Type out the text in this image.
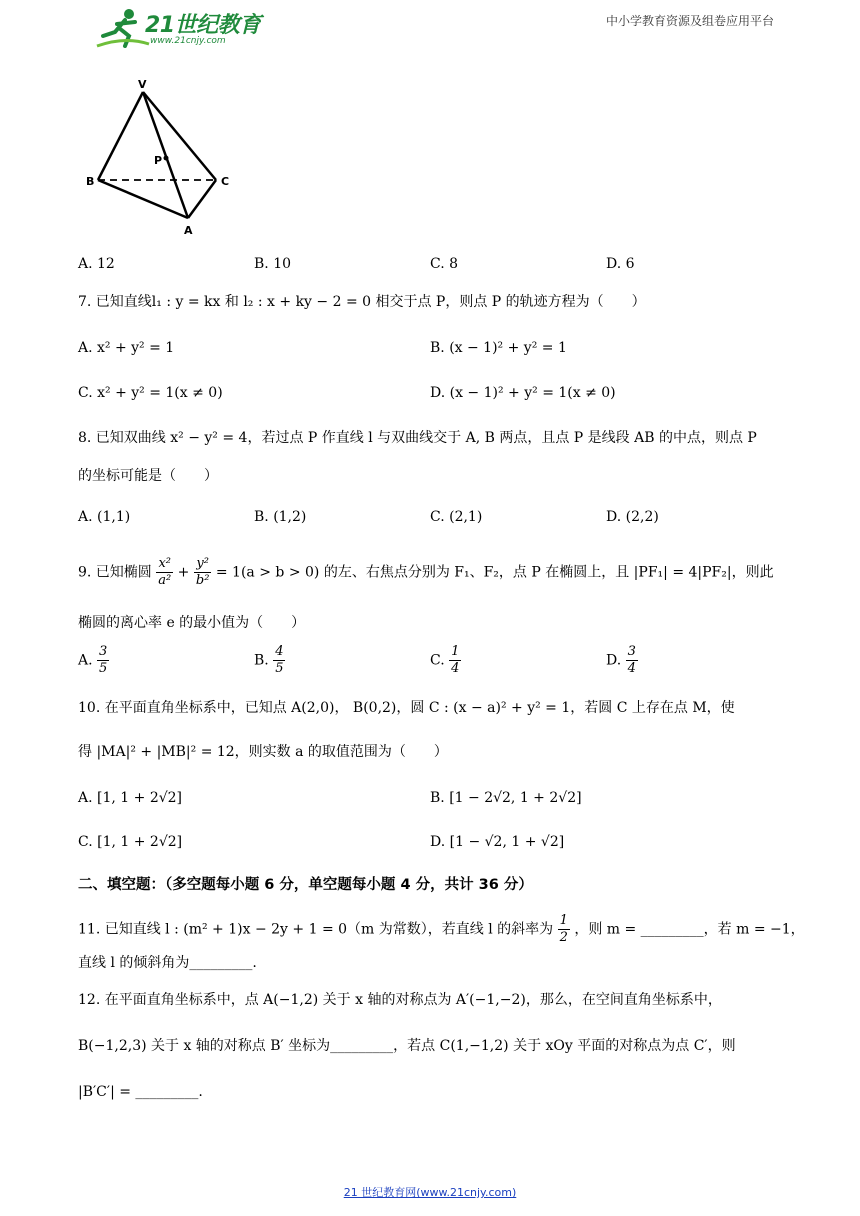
21世纪教育
www.21cnjy.com
中小学教育资源及组卷应用平台
V
P
B	C
A
A. 12	B. 10	C. 8	D. 6
7. 已知直线l₁ : y = kx 和 l₂ : x + ky − 2 = 0 相交于点 P，则点 P 的轨迹方程为（　　）
A. x² + y² = 1	B. (x − 1)² + y² = 1
C. x² + y² = 1(x ≠ 0)	D. (x − 1)² + y² = 1(x ≠ 0)
8. 已知双曲线 x² − y² = 4，若过点 P 作直线 l 与双曲线交于 A, B 两点，且点 P 是线段 AB 的中点，则点 P
的坐标可能是（　　）
A. (1,1)	B. (1,2)	C. (2,1)	D. (2,2)
9. 已知椭圆 $\frac{\text{x²}}{\text{a²}} + \frac{\text{y²}}{\text{b²}} = 1(a > b > 0)$ 的左、右焦点分别为 F₁、F₂，点 P 在椭圆上，且 |PF₁| = 4|PF₂|，则此
椭圆的离心率 e 的最小值为（　　）
A. $\frac{3}{5}$	B. $\frac{4}{5}$	C. $\frac{1}{4}$	D. $\frac{3}{4}$
10. 在平面直角坐标系中，已知点 A(2,0)， B(0,2)，圆 C : (x − a)² + y² = 1，若圆 C 上存在点 M，使
得 |MA|² + |MB|² = 12，则实数 a 的取值范围为（　　）
A. [1, 1 + 2√2]	B. [1 − 2√2, 1 + 2√2]
C. [1, 1 + 2√2]	D. [1 − √2, 1 + √2]
二、填空题：（多空题每小题 6 分，单空题每小题 4 分，共计 36 分）
11. 已知直线 l : (m² + 1)x − 2y + 1 = 0（m 为常数），若直线 l 的斜率为 $\frac{1}{2}$ ，则 m = _________，若 m = −1，
直线 l 的倾斜角为_________.
12. 在平面直角坐标系中，点 A(−1,2) 关于 x 轴的对称点为 A′(−1,−2)，那么，在空间直角坐标系中，
B(−1,2,3) 关于 x 轴的对称点 B′ 坐标为_________，若点 C(1,−1,2) 关于 xOy 平面的对称点为点 C′，则
|B′C′| = _________.
21 世纪教育网(www.21cnjy.com)
